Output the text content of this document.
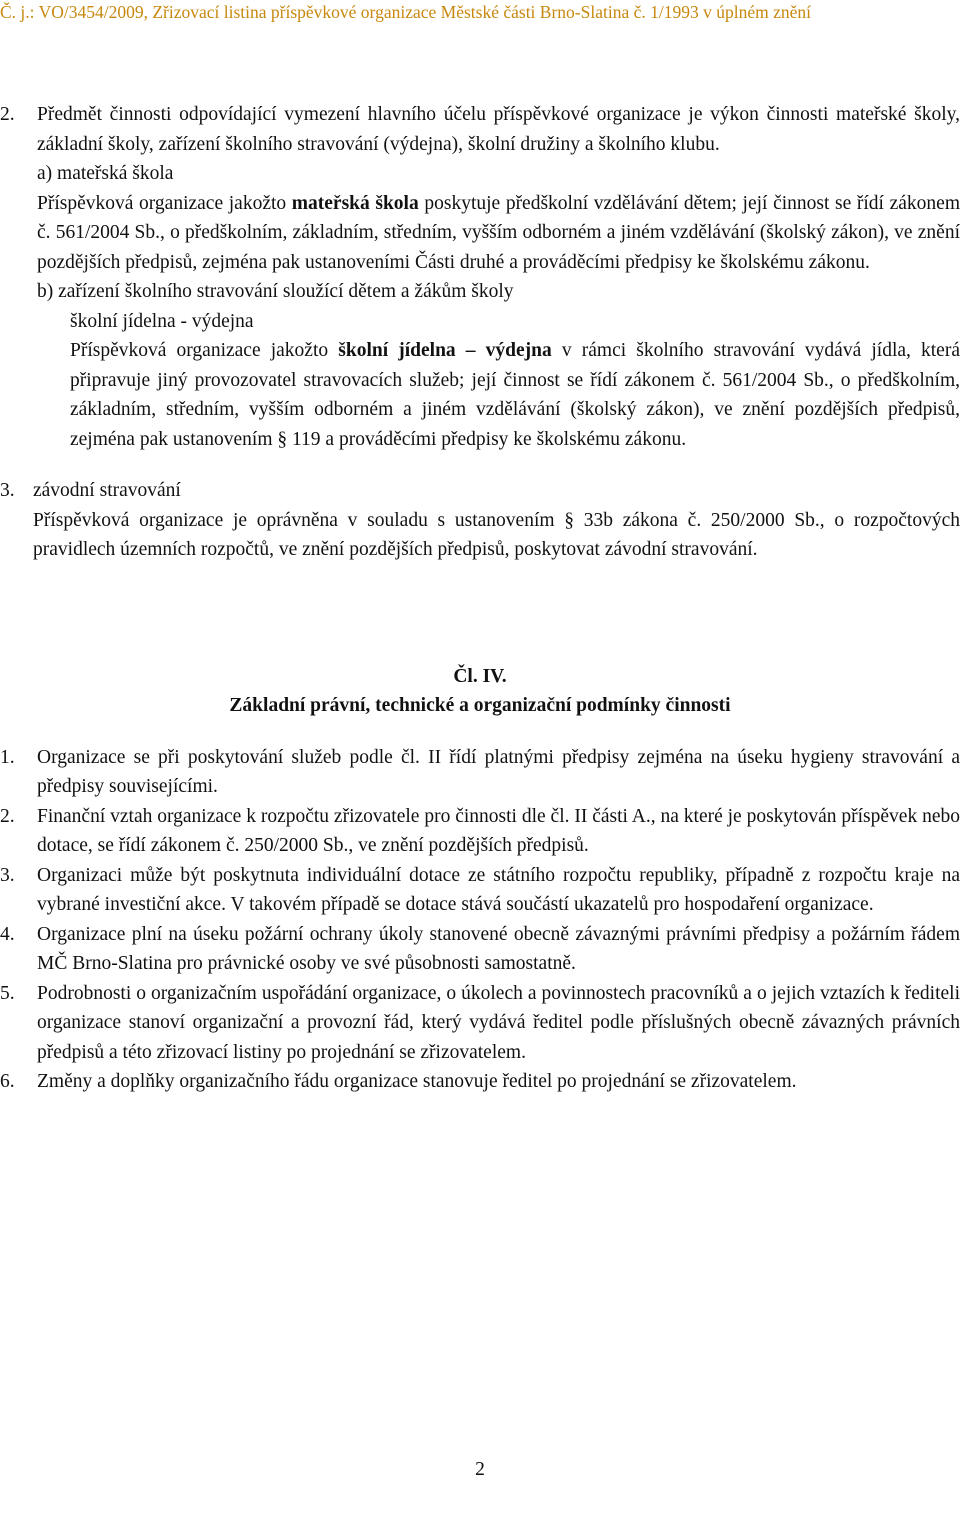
Č. j.: VO/3454/2009, Zřizovací listina příspěvkové organizace Městské části Brno-Slatina č. 1/1993 v úplném znění
2.	Předmět činnosti odpovídající vymezení hlavního účelu příspěvkové organizace je výkon činnosti mateřské školy, základní školy, zařízení školního stravování (výdejna), školní družiny a školního klubu.

a) mateřská škola

Příspěvková organizace jakožto mateřská škola poskytuje předškolní vzdělávání dětem; její činnost se řídí zákonem č. 561/2004 Sb., o předškolním, základním, středním, vyšším odborném a jiném vzdělávání (školský zákon), ve znění pozdějších předpisů, zejména pak ustanoveními Části druhé a prováděcími předpisy ke školskému zákonu.

b) zařízení školního stravování sloužící dětem a žákům školy

školní jídelna - výdejna

Příspěvková organizace jakožto školní jídelna – výdejna v rámci školního stravování vydává jídla, která připravuje jiný provozovatel stravovacích služeb; její činnost se řídí zákonem č. 561/2004 Sb., o předškolním, základním, středním, vyšším odborném a jiném vzdělávání (školský zákon), ve znění pozdějších předpisů, zejména pak ustanovením § 119 a prováděcími předpisy ke školskému zákonu.

3. závodní stravování

Příspěvková organizace je oprávněna v souladu s ustanovením § 33b zákona č. 250/2000 Sb., o rozpočtových pravidlech územních rozpočtů, ve znění pozdějších předpisů, poskytovat závodní stravování.

Čl. IV.

Základní právní, technické a organizační podmínky činnosti

1.	Organizace se při poskytování služeb podle čl. II řídí platnými předpisy zejména na úseku hygieny stravování a předpisy souvisejícími.
2.	Finanční vztah organizace k rozpočtu zřizovatele pro činnosti dle čl. II části A., na které je poskytován příspěvek nebo dotace, se řídí zákonem č. 250/2000 Sb., ve znění pozdějších předpisů.
3.	Organizaci může být poskytnuta individuální dotace ze státního rozpočtu republiky, případně z rozpočtu kraje na vybrané investiční akce. V takovém případě se dotace stává součástí ukazatelů pro hospodaření organizace.
4.	Organizace plní na úseku požární ochrany úkoly stanovené obecně závaznými právními předpisy a požárním řádem MČ Brno-Slatina pro právnické osoby ve své působnosti samostatně.
5.	Podrobnosti o organizačním uspořádání organizace, o úkolech a povinnostech pracovníků a o jejich vztazích k řediteli organizace stanoví organizační a provozní řád, který vydává ředitel podle příslušných obecně závazných právních předpisů a této zřizovací listiny po projednání se zřizovatelem.
6.	Změny a doplňky organizačního řádu organizace stanovuje ředitel po projednání se zřizovatelem.
2
